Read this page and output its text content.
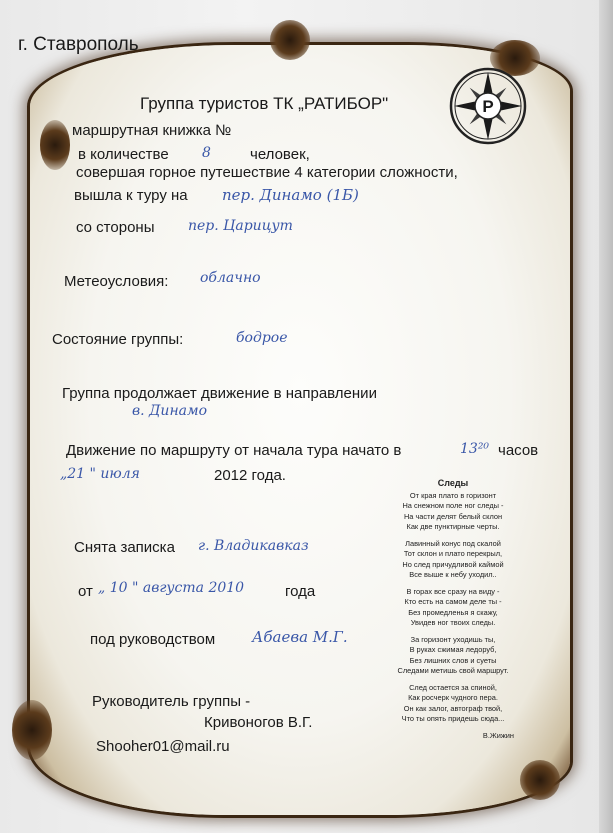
г. Ставрополь
Р
Группа туристов ТК „РАТИБОР"
маршрутная книжка №
в количестве 8	человек,
совершая горное путешествие 4 категории сложности,
вышла к туру на пер. Динамо (1Б)
со стороны пер. Царицут
Метеоусловия: облачно
Состояние группы:	бодрое
Группа продолжает движение в направлении
в. Динамо
Движение по маршруту от начала тура начато в	13²⁰ часов
„21 " июля	2012 года.
Снята записка г. Владикавказ
от „ 10 " августа 2010	года
под руководством Абаева М.Г.
Руководитель группы -
Кривоногов В.Г.
Shooher01@mail.ru
Следы
От края плато в горизонт
На снежном поле ног следы -
На части делят белый склон
Как две пунктирные черты.
Лавинный конус под скалой
Тот склон и плато перекрыл,
Но след причудливой каймой
Все выше к небу уходил..
В горах все сразу на виду -
Кто есть на самом деле ты -
Без промедленья я скажу,
Увидев ног твоих следы.
За горизонт уходишь ты,
В руках сжимая ледоруб,
Без лишних слов и суеты
Следами метишь свой маршрут.
След остается за спиной,
Как росчерк чудного пера.
Он как залог, автограф твой,
Что ты опять придешь сюда...
В.Жижин
